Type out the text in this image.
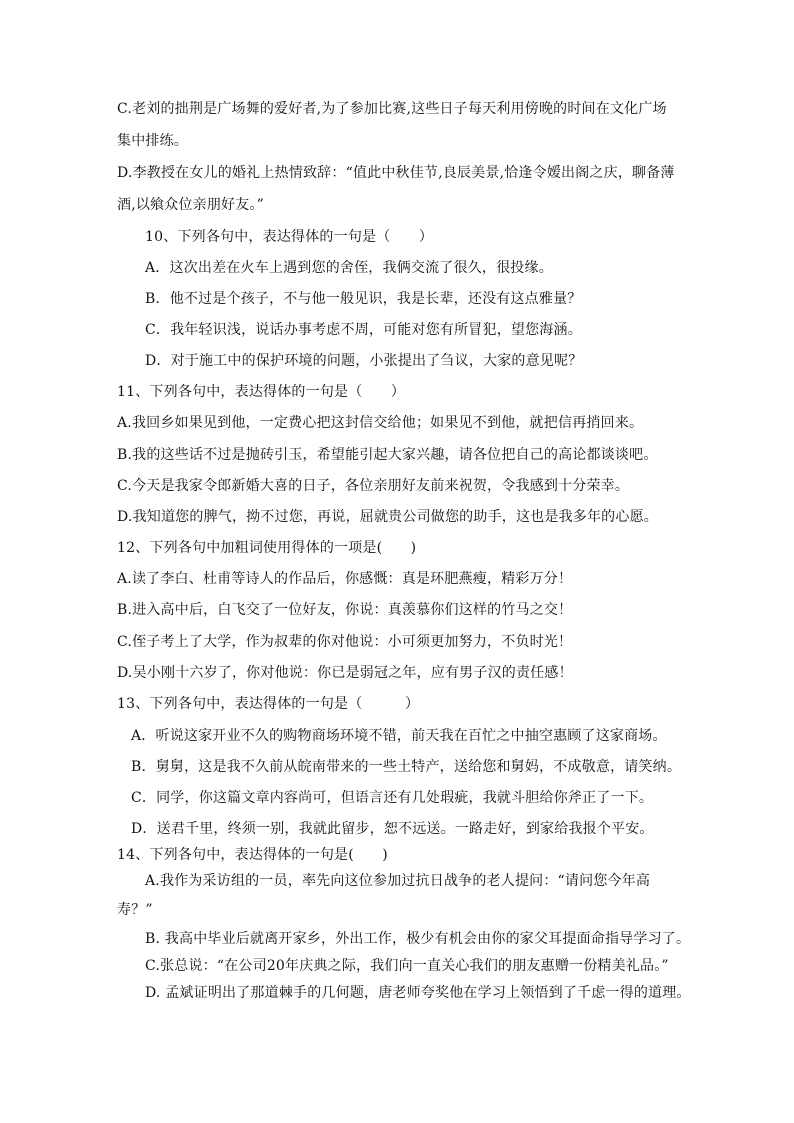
C.老刘的拙荆是广场舞的爱好者,为了参加比赛,这些日子每天利用傍晚的时间在文化广场
集中排练。
D.李教授在女儿的婚礼上热情致辞：“值此中秋佳节,良辰美景,恰逢令嫒出阁之庆，聊备薄
酒,以飨众位亲朋好友。”
10、下列各句中，表达得体的一句是（　　）
A．这次出差在火车上遇到您的舍侄，我俩交流了很久，很投缘。
B．他不过是个孩子，不与他一般见识，我是长辈，还没有这点雅量？
C．我年轻识浅，说话办事考虑不周，可能对您有所冒犯，望您海涵。
D．对于施工中的保护环境的问题，小张提出了刍议，大家的意见呢？
11、下列各句中，表达得体的一句是（　　）
A.我回乡如果见到他，一定费心把这封信交给他；如果见不到他，就把信再捎回来。
B.我的这些话不过是抛砖引玉，希望能引起大家兴趣，请各位把自己的高论都谈谈吧。
C.今天是我家令郎新婚大喜的日子，各位亲朋好友前来祝贺，令我感到十分荣幸。
D.我知道您的脾气，拗不过您，再说，屈就贵公司做您的助手，这也是我多年的心愿。
12、下列各句中加粗词使用得体的一项是(　　)
A.读了李白、杜甫等诗人的作品后，你感慨：真是环肥燕瘦，精彩万分！
B.进入高中后，白飞交了一位好友，你说：真羡慕你们这样的竹马之交！
C.侄子考上了大学，作为叔辈的你对他说：小可须更加努力，不负时光！
D.吴小刚十六岁了，你对他说：你已是弱冠之年，应有男子汉的责任感！
13、下列各句中，表达得体的一句是（　　　）
A．听说这家开业不久的购物商场环境不错，前天我在百忙之中抽空惠顾了这家商场。
B．舅舅，这是我不久前从皖南带来的一些土特产，送给您和舅妈，不成敬意，请笑纳。
C．同学，你这篇文章内容尚可，但语言还有几处瑕疵，我就斗胆给你斧正了一下。
D．送君千里，终须一别，我就此留步，恕不远送。一路走好，到家给我报个平安。
14、下列各句中，表达得体的一句是(　　)
A.我作为采访组的一员，率先向这位参加过抗日战争的老人提问：“请问您今年高
寿？”
B. 我高中毕业后就离开家乡，外出工作，极少有机会由你的家父耳提面命指导学习了。
C.张总说：“在公司20年庆典之际，我们向一直关心我们的朋友惠赠一份精美礼品。”
D. 孟斌证明出了那道棘手的几何题，唐老师夸奖他在学习上领悟到了千虑一得的道理。
